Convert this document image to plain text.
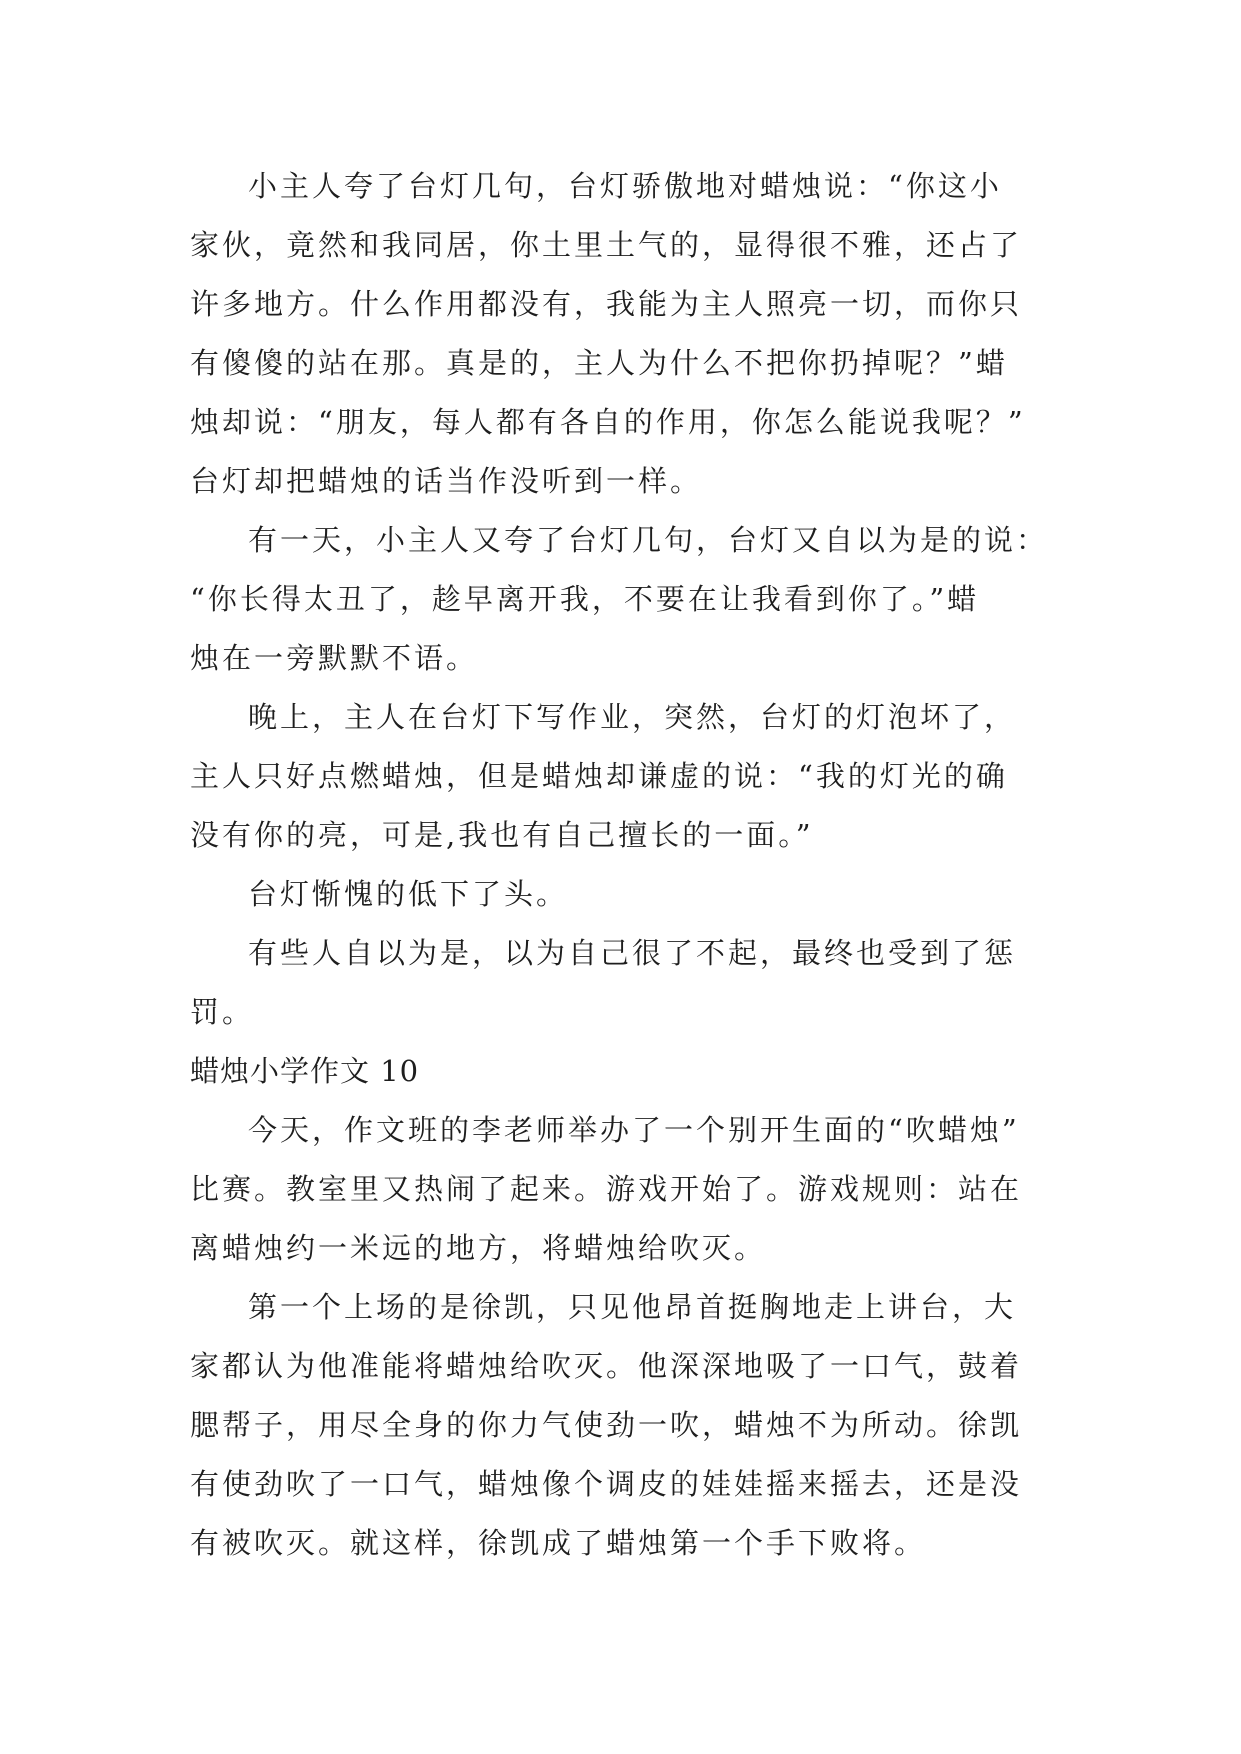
小主人夸了台灯几句，台灯骄傲地对蜡烛说：“你这小
家伙，竟然和我同居，你土里土气的，显得很不雅，还占了
许多地方。什么作用都没有，我能为主人照亮一切，而你只
有傻傻的站在那。真是的，主人为什么不把你扔掉呢？”蜡
烛却说：“朋友，每人都有各自的作用，你怎么能说我呢？”
台灯却把蜡烛的话当作没听到一样。

有一天，小主人又夸了台灯几句，台灯又自以为是的说：
“你长得太丑了，趁早离开我，不要在让我看到你了。”蜡
烛在一旁默默不语。

晚上，主人在台灯下写作业，突然，台灯的灯泡坏了，
主人只好点燃蜡烛，但是蜡烛却谦虚的说：“我的灯光的确
没有你的亮，可是,我也有自己擅长的一面。”

台灯惭愧的低下了头。

有些人自以为是，以为自己很了不起，最终也受到了惩
罚。

蜡烛小学作文 10

今天，作文班的李老师举办了一个别开生面的“吹蜡烛”
比赛。教室里又热闹了起来。游戏开始了。游戏规则：站在
离蜡烛约一米远的地方，将蜡烛给吹灭。

第一个上场的是徐凯，只见他昂首挺胸地走上讲台，大
家都认为他准能将蜡烛给吹灭。他深深地吸了一口气，鼓着
腮帮子，用尽全身的你力气使劲一吹，蜡烛不为所动。徐凯
有使劲吹了一口气，蜡烛像个调皮的娃娃摇来摇去，还是没
有被吹灭。就这样，徐凯成了蜡烛第一个手下败将。
